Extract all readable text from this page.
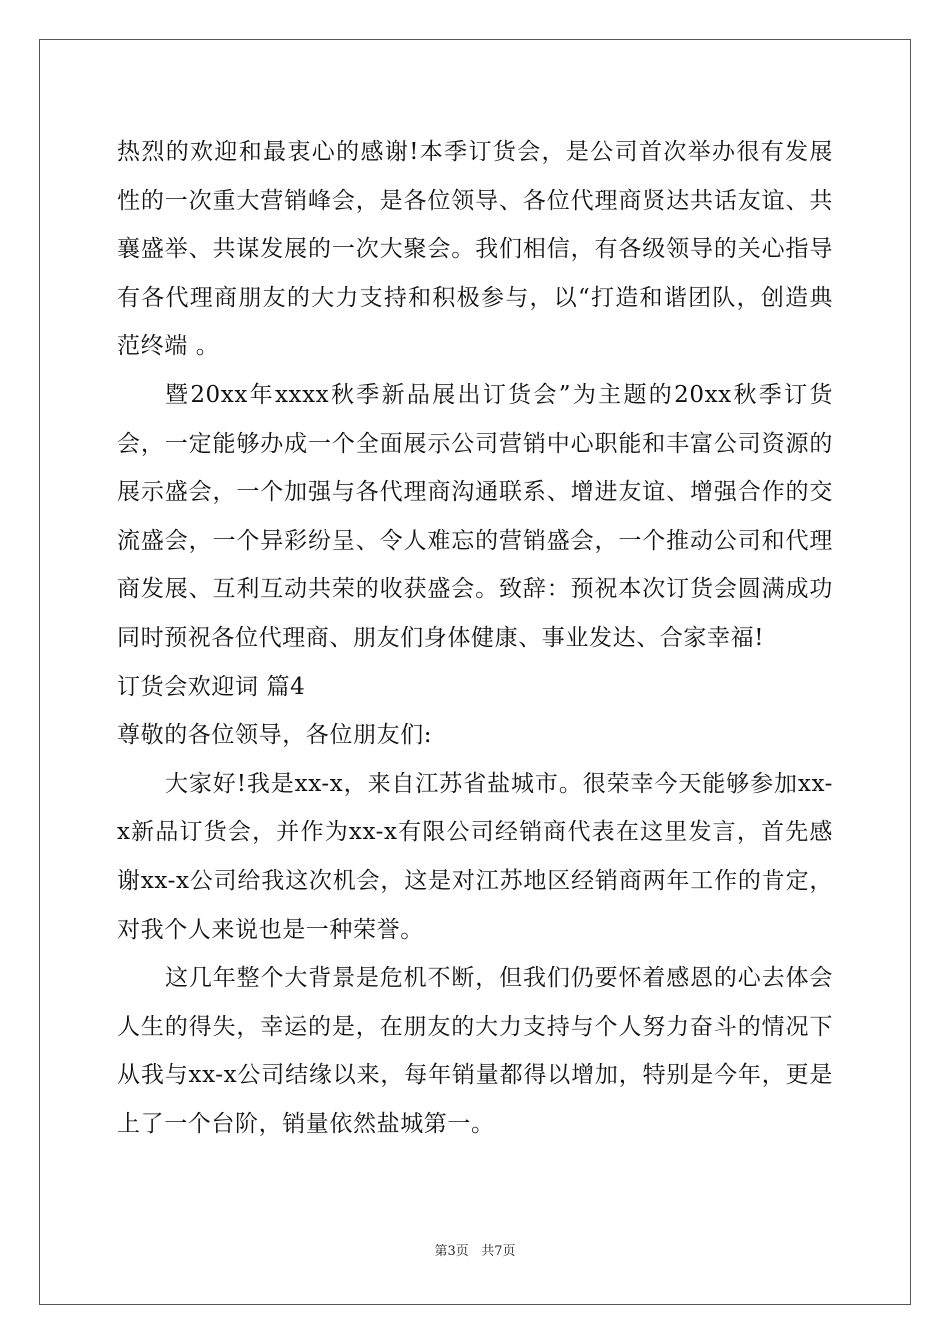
热烈的欢迎和最衷心的感谢!本季订货会，是公司首次举办很有发展性的一次重大营销峰会，是各位领导、各位代理商贤达共话友谊、共襄盛举、共谋发展的一次大聚会。我们相信，有各级领导的关心指导有各代理商朋友的大力支持和积极参与，以“打造和谐团队，创造典范终端 。

暨20xx年xxxx秋季新品展出订货会”为主题的20xx秋季订货会，一定能够办成一个全面展示公司营销中心职能和丰富公司资源的展示盛会，一个加强与各代理商沟通联系、增进友谊、增强合作的交流盛会，一个异彩纷呈、令人难忘的营销盛会，一个推动公司和代理商发展、互利互动共荣的收获盛会。致辞：预祝本次订货会圆满成功同时预祝各位代理商、朋友们身体健康、事业发达、合家幸福!

订货会欢迎词 篇4

尊敬的各位领导，各位朋友们:

大家好!我是xx-x，来自江苏省盐城市。很荣幸今天能够参加xx-x新品订货会，并作为xx-x有限公司经销商代表在这里发言，首先感谢xx-x公司给我这次机会，这是对江苏地区经销商两年工作的肯定，对我个人来说也是一种荣誉。

这几年整个大背景是危机不断，但我们仍要怀着感恩的心去体会人生的得失，幸运的是，在朋友的大力支持与个人努力奋斗的情况下从我与xx-x公司结缘以来，每年销量都得以增加，特别是今年，更是上了一个台阶，销量依然盐城第一。

第3页 共7页
